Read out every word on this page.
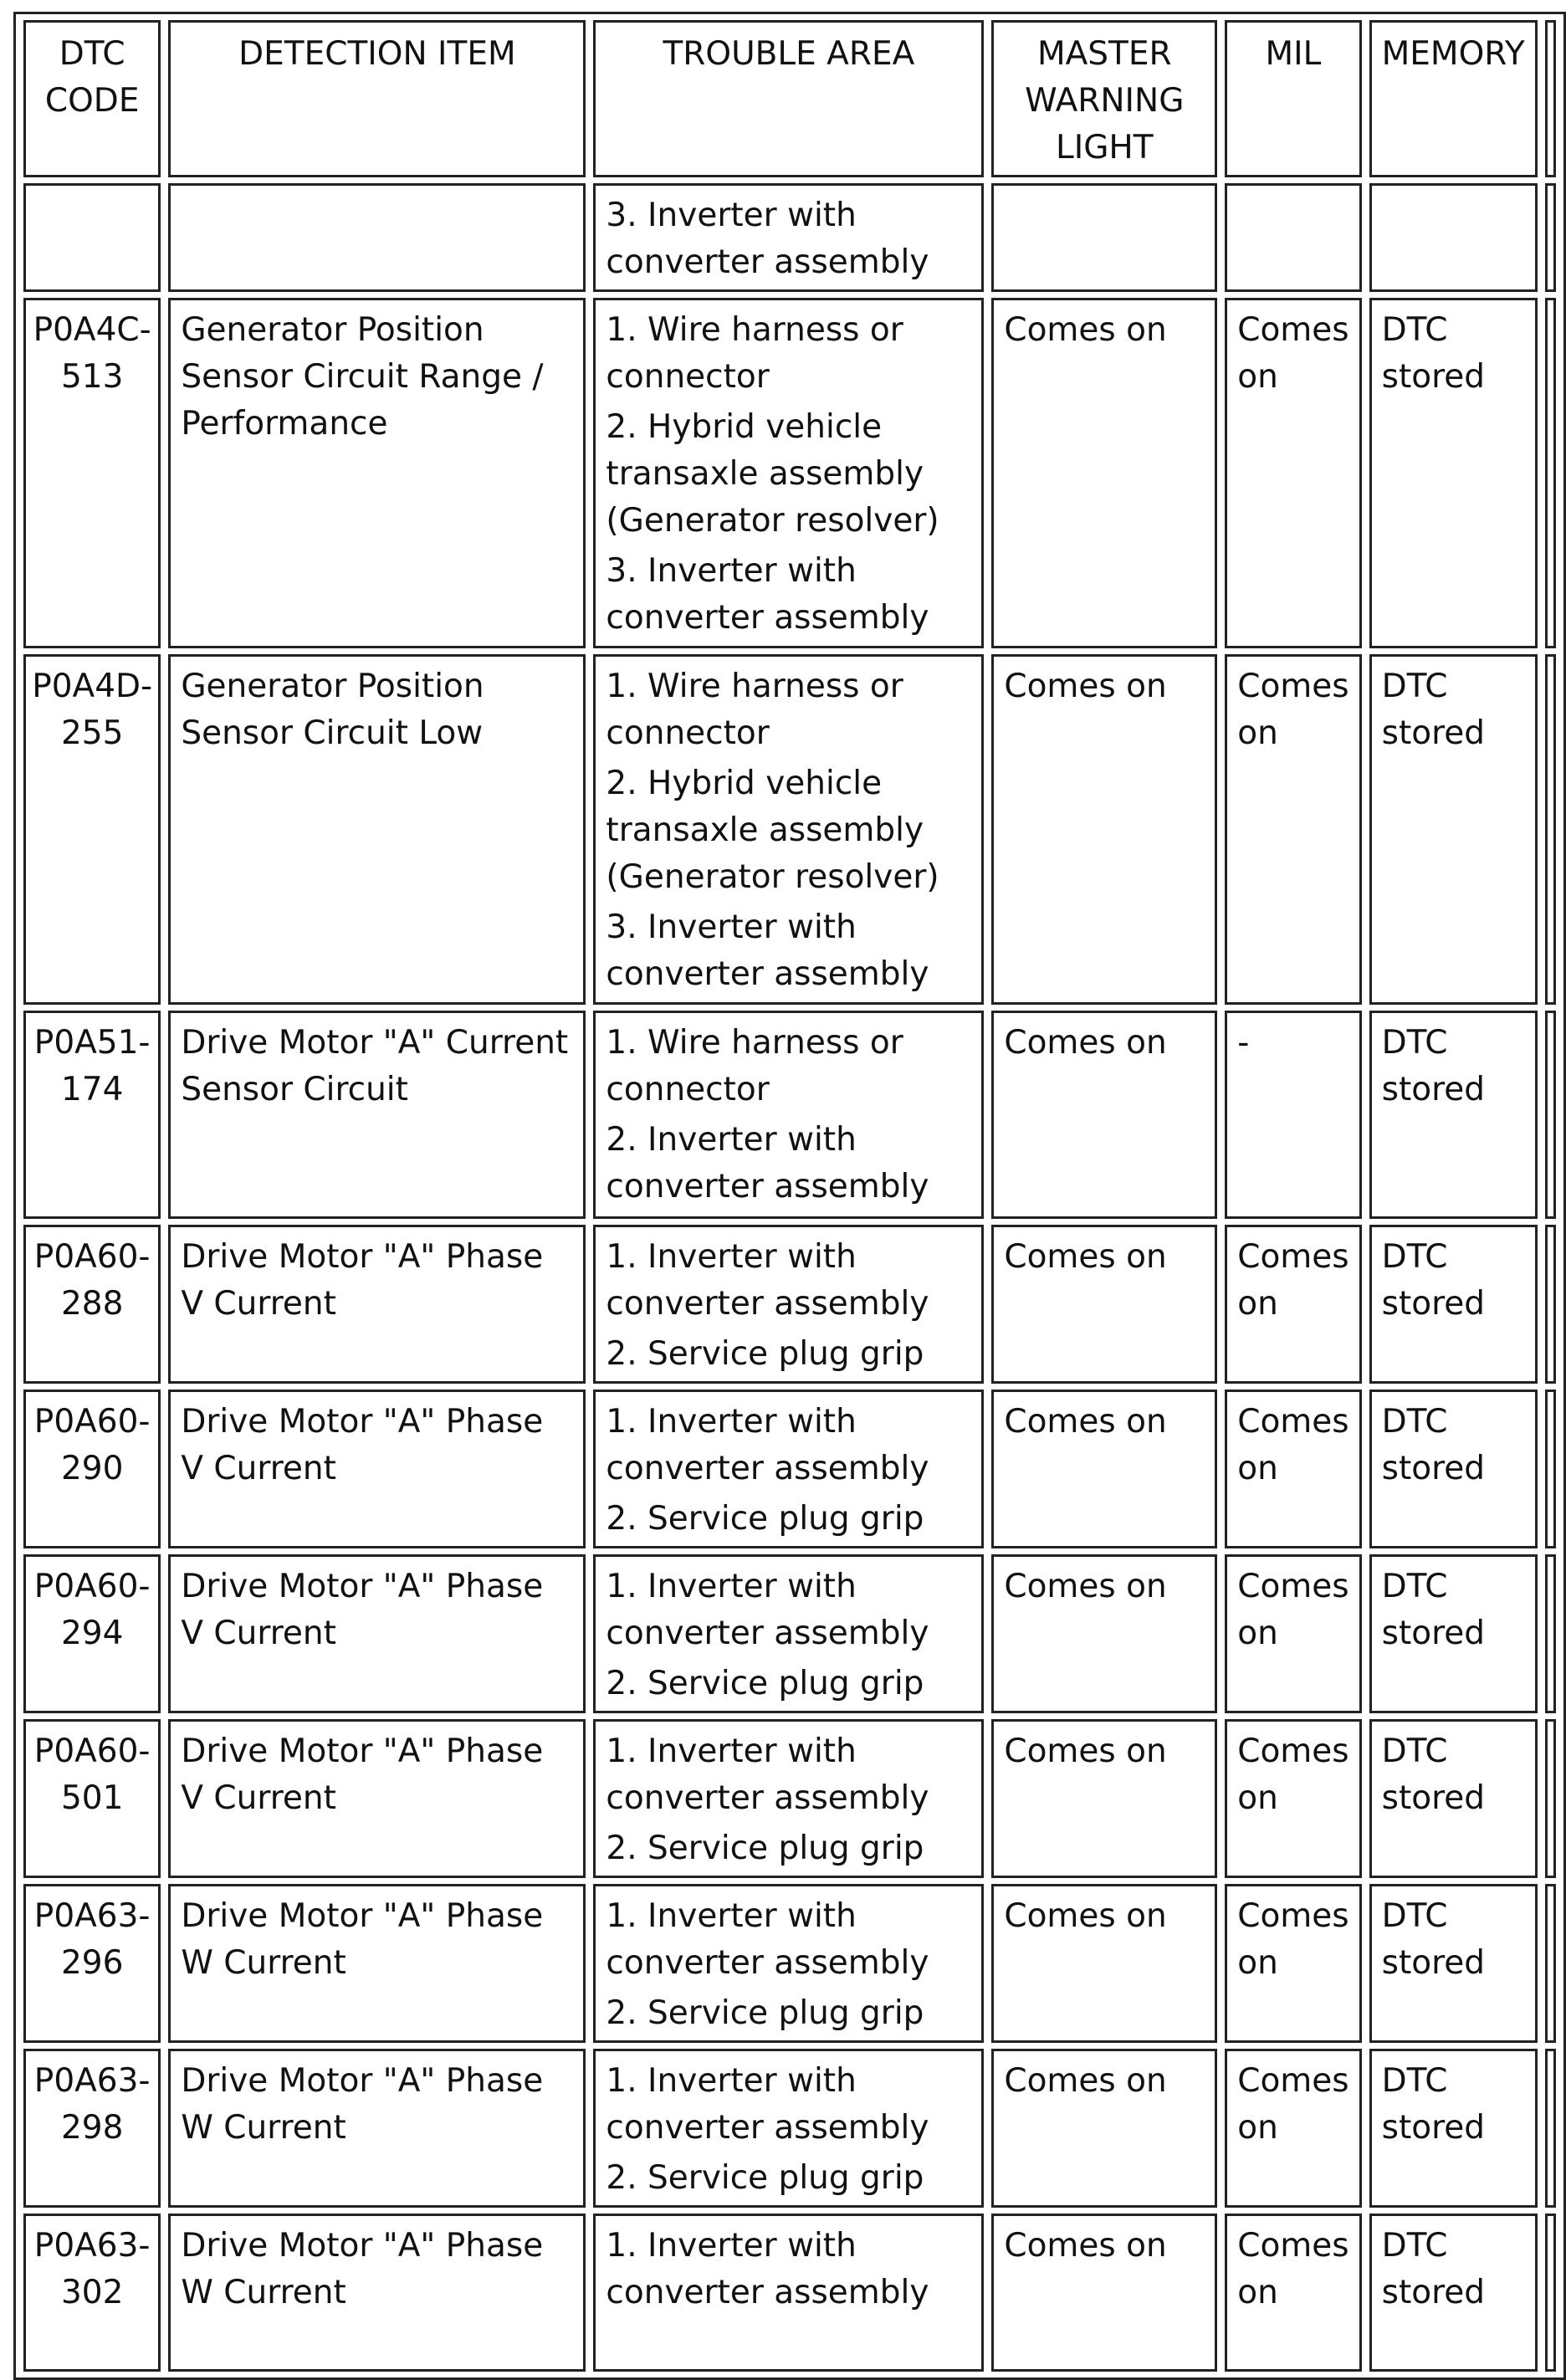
DTC
CODE	DETECTION ITEM	TROUBLE AREA	MASTER
WARNING
LIGHT	MIL	MEMORY	

		3. Inverter with converter assembly				

P0A4C-
513	Generator Position Sensor Circuit Range / Performance	1. Wire harness or connector
2. Hybrid vehicle transaxle assembly (Generator resolver)
3. Inverter with converter assembly	Comes on	Comes on	DTC stored	
P0A4D-
255	Generator Position Sensor Circuit Low	1. Wire harness or connector
2. Hybrid vehicle transaxle assembly (Generator resolver)
3. Inverter with converter assembly	Comes on	Comes on	DTC stored	
P0A51-
174	Drive Motor "A" Current Sensor Circuit	1. Wire harness or connector
2. Inverter with converter assembly	Comes on	-	DTC stored	
P0A60-
288	Drive Motor "A" Phase V Current	1. Inverter with converter assembly
2. Service plug grip	Comes on	Comes on	DTC stored	
P0A60-
290	Drive Motor "A" Phase V Current	1. Inverter with converter assembly
2. Service plug grip	Comes on	Comes on	DTC stored	
P0A60-
294	Drive Motor "A" Phase V Current	1. Inverter with converter assembly
2. Service plug grip	Comes on	Comes on	DTC stored	
P0A60-
501	Drive Motor "A" Phase V Current	1. Inverter with converter assembly
2. Service plug grip	Comes on	Comes on	DTC stored	
P0A63-
296	Drive Motor "A" Phase W Current	1. Inverter with converter assembly
2. Service plug grip	Comes on	Comes on	DTC stored	
P0A63-
298	Drive Motor "A" Phase W Current	1. Inverter with converter assembly
2. Service plug grip	Comes on	Comes on	DTC stored	
P0A63-
302	Drive Motor "A" Phase W Current	1. Inverter with converter assembly	Comes on	Comes on	DTC stored	
